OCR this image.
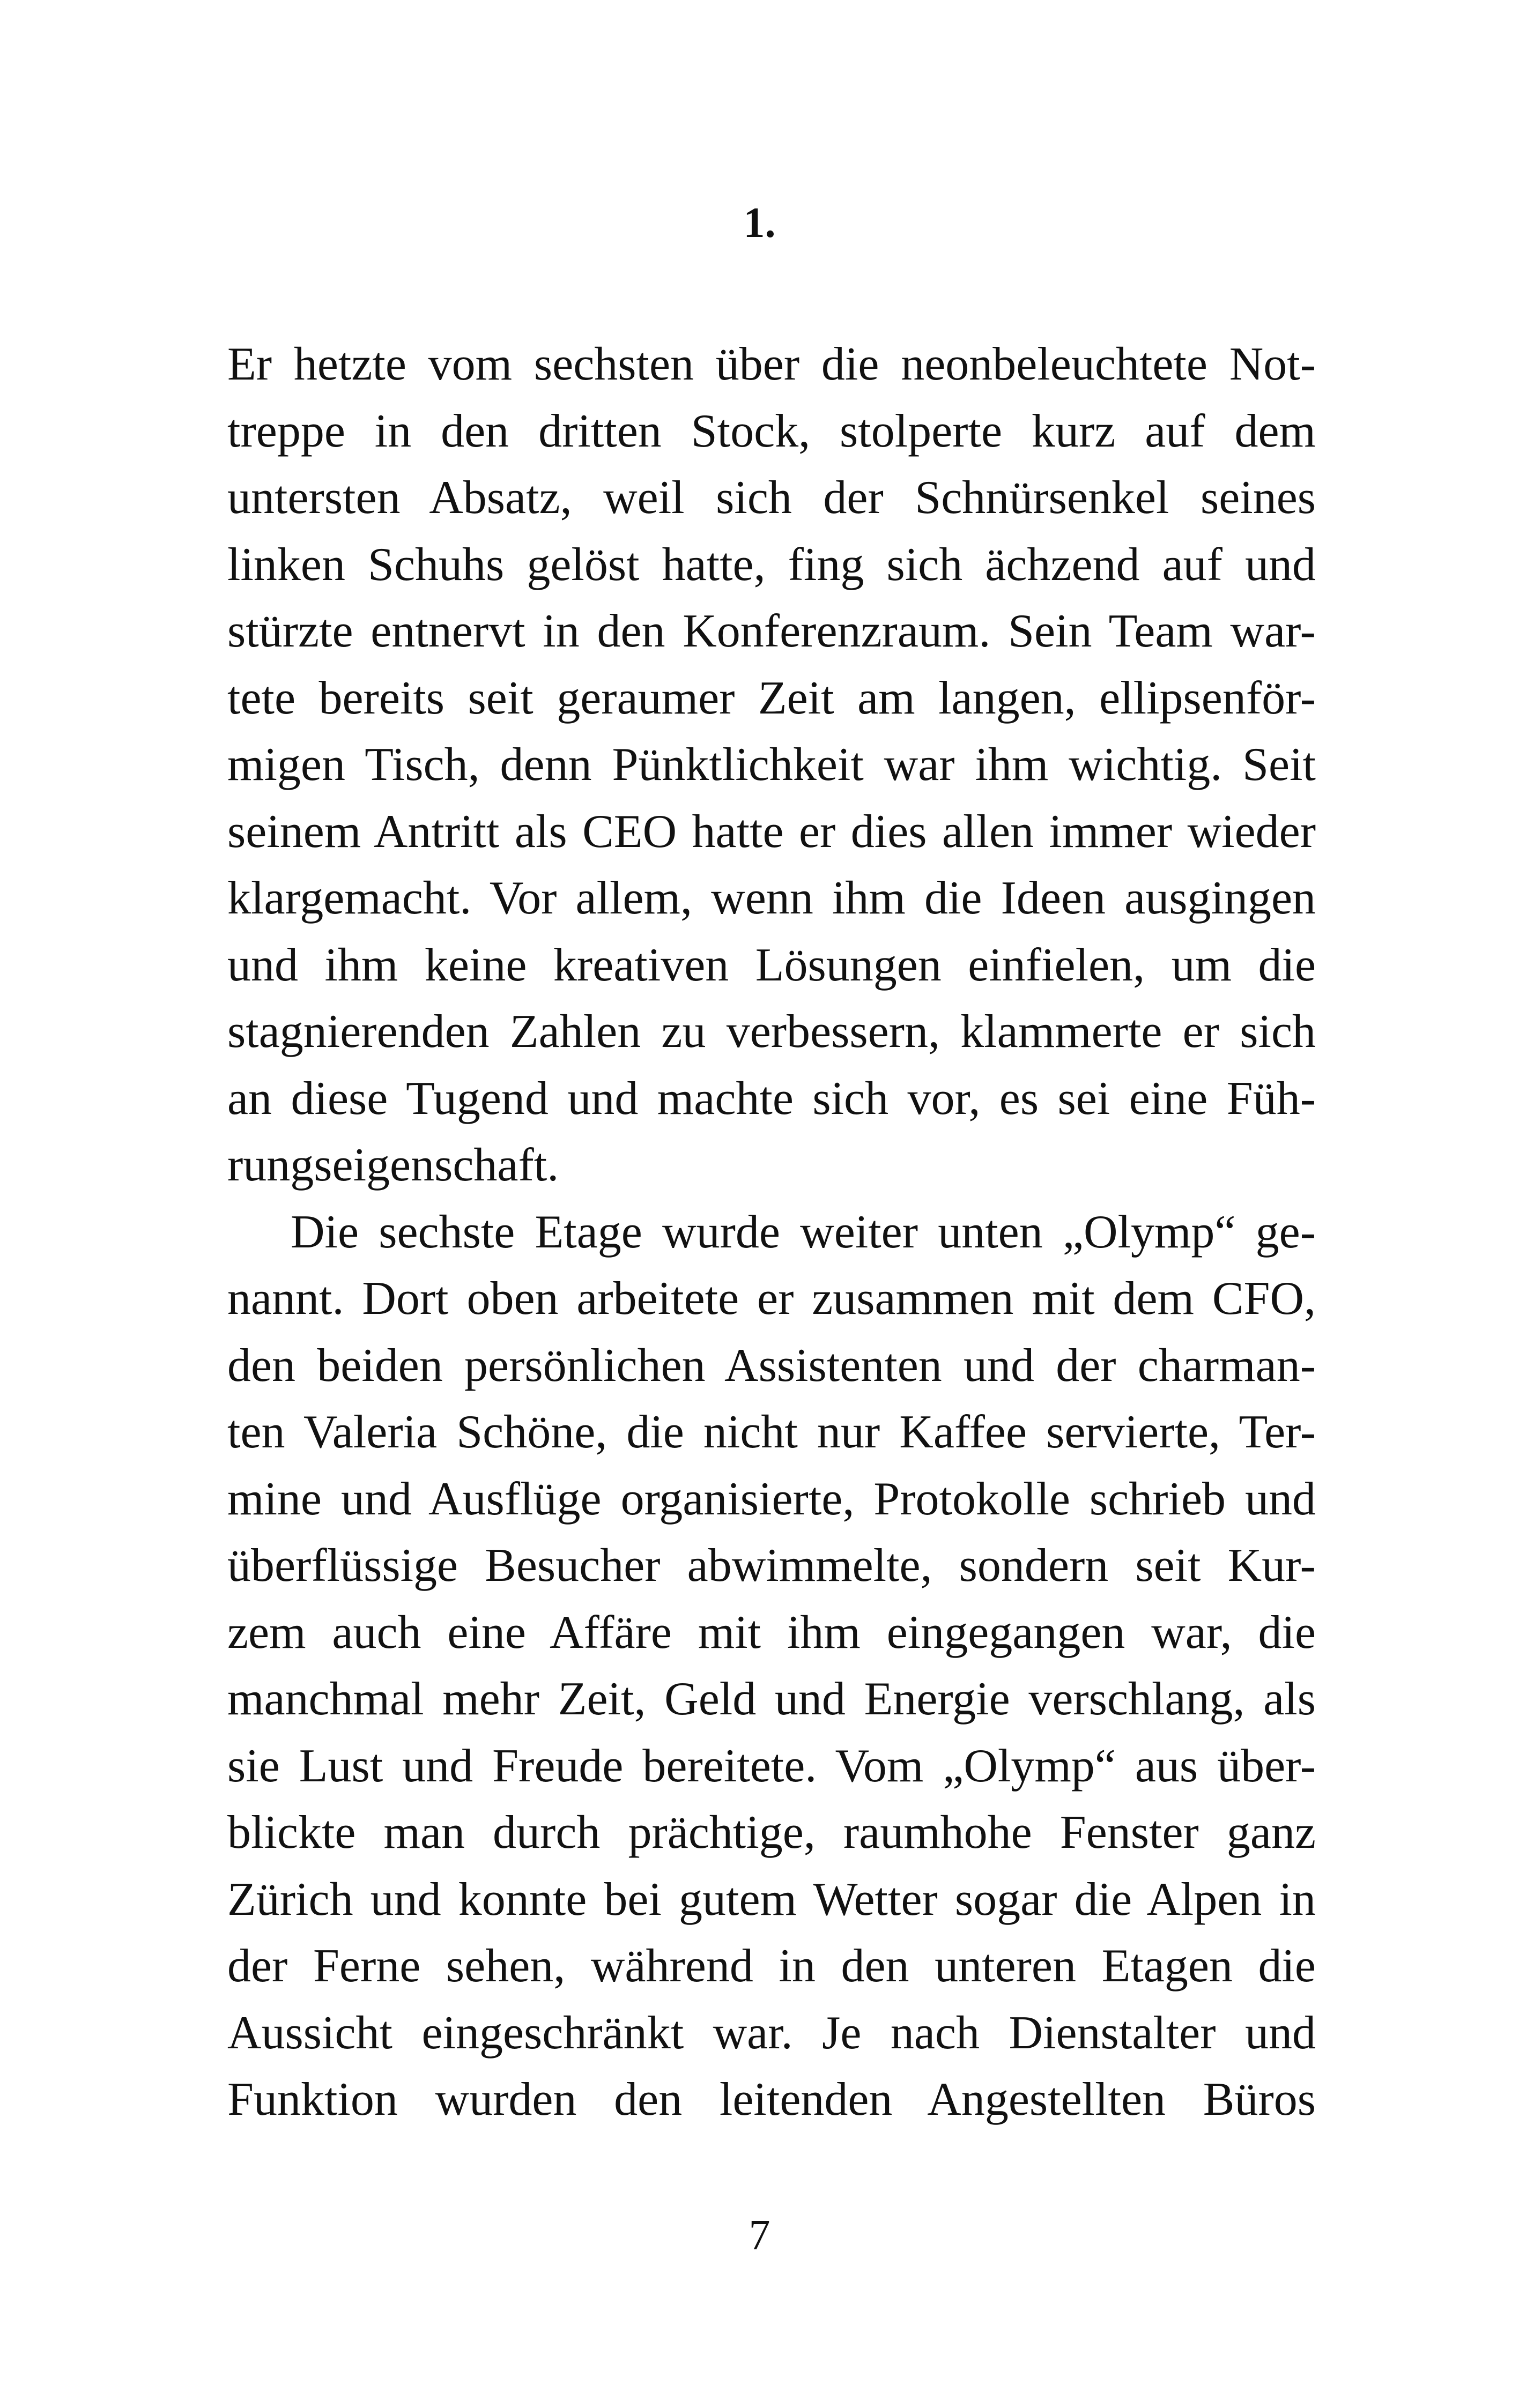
1.
Er hetzte vom sechsten über die neonbeleuchtete Not-
treppe in den dritten Stock, stolperte kurz auf dem
untersten Absatz, weil sich der Schnürsenkel seines
linken Schuhs gelöst hatte, fing sich ächzend auf und
stürzte entnervt in den Konferenzraum. Sein Team war-
tete bereits seit geraumer Zeit am langen, ellipsenför-
migen Tisch, denn Pünktlichkeit war ihm wichtig. Seit
seinem Antritt als CEO hatte er dies allen immer wieder
klargemacht. Vor allem, wenn ihm die Ideen ausgingen
und ihm keine kreativen Lösungen einfielen, um die
stagnierenden Zahlen zu verbessern, klammerte er sich
an diese Tugend und machte sich vor, es sei eine Füh-
rungseigenschaft.
Die sechste Etage wurde weiter unten „Olymp“ ge-
nannt. Dort oben arbeitete er zusammen mit dem CFO,
den beiden persönlichen Assistenten und der charman-
ten Valeria Schöne, die nicht nur Kaffee servierte, Ter-
mine und Ausflüge organisierte, Protokolle schrieb und
überflüssige Besucher abwimmelte, sondern seit Kur-
zem auch eine Affäre mit ihm eingegangen war, die
manchmal mehr Zeit, Geld und Energie verschlang, als
sie Lust und Freude bereitete. Vom „Olymp“ aus über-
blickte man durch prächtige, raumhohe Fenster ganz
Zürich und konnte bei gutem Wetter sogar die Alpen in
der Ferne sehen, während in den unteren Etagen die
Aussicht eingeschränkt war. Je nach Dienstalter und
Funktion wurden den leitenden Angestellten Büros
7
